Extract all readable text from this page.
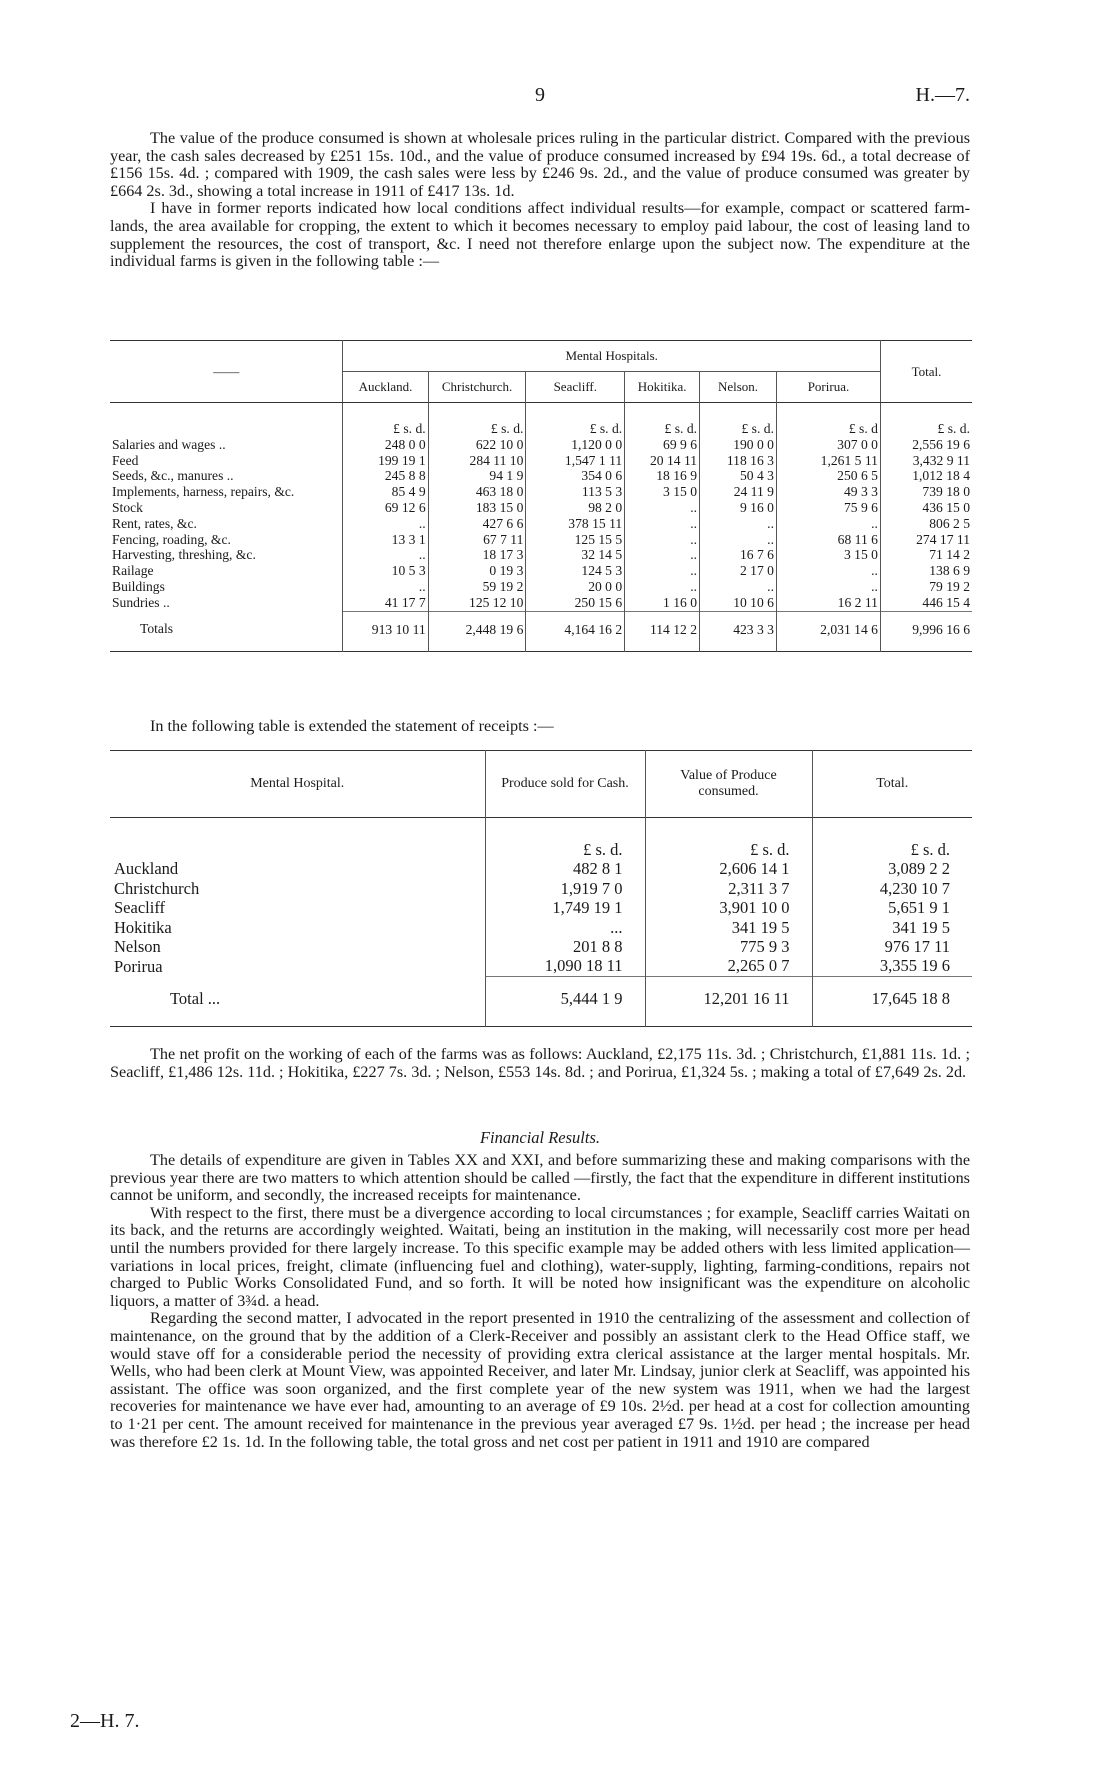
9	H.—7.

The value of the produce consumed is shown at wholesale prices ruling in the particular district. Compared with the previous year, the cash sales decreased by £251 15s. 10d., and the value of produce consumed increased by £94 19s. 6d., a total decrease of £156 15s. 4d. ; compared with 1909, the cash sales were less by £246 9s. 2d., and the value of produce consumed was greater by £664 2s. 3d., showing a total increase in 1911 of £417 13s. 1d.

I have in former reports indicated how local conditions affect individual results—for example, compact or scattered farm-lands, the area available for cropping, the extent to which it becomes necessary to employ paid labour, the cost of leasing land to supplement the resources, the cost of transport, &c. I need not therefore enlarge upon the subject now. The expenditure at the individual farms is given in the following table :—

——	Mental Hospitals.						Total.
	Auckland.	Christchurch.	Seacliff.	Hokitika.	Nelson.	Porirua.	
	£ s. d.	£ s. d.	£ s. d.	£ s. d.	£ s. d.	£ s. d	£ s. d.
Salaries and wages ..	248 0 0	622 10 0	1,120 0 0	69 9 6	190 0 0	307 0 0	2,556 19 6
Feed	199 19 1	284 11 10	1,547 1 11	20 14 11	118 16 3	1,261 5 11	3,432 9 11
Seeds, &c., manures ..	245 8 8	94 1 9	354 0 6	18 16 9	50 4 3	250 6 5	1,012 18 4
Implements, harness, repairs, &c.	85 4 9	463 18 0	113 5 3	3 15 0	24 11 9	49 3 3	739 18 0
Stock	69 12 6	183 15 0	98 2 0	..	9 16 0	75 9 6	436 15 0
Rent, rates, &c.	..	427 6 6	378 15 11	..	..	..	806 2 5
Fencing, roading, &c.	13 3 1	67 7 11	125 15 5	..	..	68 11 6	274 17 11
Harvesting, threshing, &c.	..	18 17 3	32 14 5	..	16 7 6	3 15 0	71 14 2
Railage	10 5 3	0 19 3	124 5 3	..	2 17 0	..	138 6 9
Buildings	..	59 19 2	20 0 0	..	..	..	79 19 2
Sundries ..	41 17 7	125 12 10	250 15 6	1 16 0	10 10 6	16 2 11	446 15 4
Totals	913 10 11	2,448 19 6	4,164 16 2	114 12 2	423 3 3	2,031 14 6	9,996 16 6

In the following table is extended the statement of receipts :—

Mental Hospital.	Produce sold for Cash.	Value of Produce consumed.	Total.
	£ s. d.	£ s. d.	£ s. d.
Auckland	482 8 1	2,606 14 1	3,089 2 2
Christchurch	1,919 7 0	2,311 3 7	4,230 10 7
Seacliff	1,749 19 1	3,901 10 0	5,651 9 1
Hokitika	...	341 19 5	341 19 5
Nelson	201 8 8	775 9 3	976 17 11
Porirua	1,090 18 11	2,265 0 7	3,355 19 6
Total ...	5,444 1 9	12,201 16 11	17,645 18 8

The net profit on the working of each of the farms was as follows: Auckland, £2,175 11s. 3d. ; Christchurch, £1,881 11s. 1d. ; Seacliff, £1,486 12s. 11d. ; Hokitika, £227 7s. 3d. ; Nelson, £553 14s. 8d. ; and Porirua, £1,324 5s. ; making a total of £7,649 2s. 2d.

Financial Results.

The details of expenditure are given in Tables XX and XXI, and before summarizing these and making comparisons with the previous year there are two matters to which attention should be called —firstly, the fact that the expenditure in different institutions cannot be uniform, and secondly, the increased receipts for maintenance.

With respect to the first, there must be a divergence according to local circumstances ; for example, Seacliff carries Waitati on its back, and the returns are accordingly weighted. Waitati, being an institution in the making, will necessarily cost more per head until the numbers provided for there largely increase. To this specific example may be added others with less limited application—variations in local prices, freight, climate (influencing fuel and clothing), water-supply, lighting, farming-conditions, repairs not charged to Public Works Consolidated Fund, and so forth. It will be noted how insignificant was the expenditure on alcoholic liquors, a matter of 3¾d. a head.

Regarding the second matter, I advocated in the report presented in 1910 the centralizing of the assessment and collection of maintenance, on the ground that by the addition of a Clerk-Receiver and possibly an assistant clerk to the Head Office staff, we would stave off for a considerable period the necessity of providing extra clerical assistance at the larger mental hospitals. Mr. Wells, who had been clerk at Mount View, was appointed Receiver, and later Mr. Lindsay, junior clerk at Seacliff, was appointed his assistant. The office was soon organized, and the first complete year of the new system was 1911, when we had the largest recoveries for maintenance we have ever had, amounting to an average of £9 10s. 2½d. per head at a cost for collection amounting to 1·21 per cent. The amount received for maintenance in the previous year averaged £7 9s. 1½d. per head ; the increase per head was therefore £2 1s. 1d. In the following table, the total gross and net cost per patient in 1911 and 1910 are compared

2—H. 7.
